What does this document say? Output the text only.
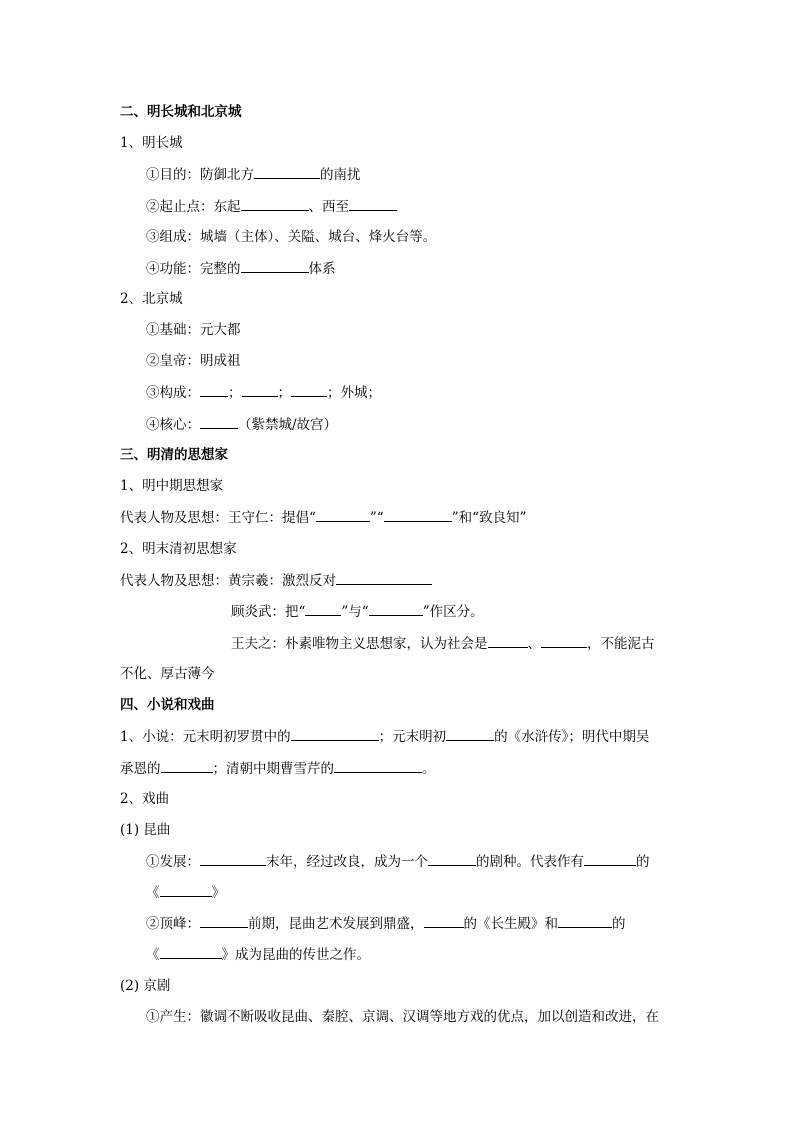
二、明长城和北京城
1、明长城
①目的：防御北方	的南扰
②起止点：东起	、西至
③组成：城墙（主体）、关隘、城台、烽火台等。
④功能：完整的	体系
2、北京城
①基础：元大都
②皇帝：明成祖
③构成： ；	；	；外城；
④核心：	（紫禁城/故宫）
三、明清的思想家
1、明中期思想家
代表人物及思想：王守仁：提倡“	”“	”和“致良知”
2、明末清初思想家
代表人物及思想：黄宗羲：激烈反对
顾炎武：把“	”与“	”作区分。
王夫之：朴素唯物主义思想家，认为社会是	、	，不能泥古
不化、厚古薄今
四、小说和戏曲
1、小说：元末明初罗贯中的	；元末明初	的《水浒传》；明代中期吴
承恩的	；清朝中期曹雪芹的	。
2、戏曲
(1) 昆曲
①发展：	末年，经过改良，成为一个	的剧种。代表作有	的
《	》
②顶峰：	前期，昆曲艺术发展到鼎盛，	的《长生殿》和	的
《	》成为昆曲的传世之作。
(2) 京剧
①产生：徽调不断吸收昆曲、秦腔、京调、汉调等地方戏的优点，加以创造和改进，在
